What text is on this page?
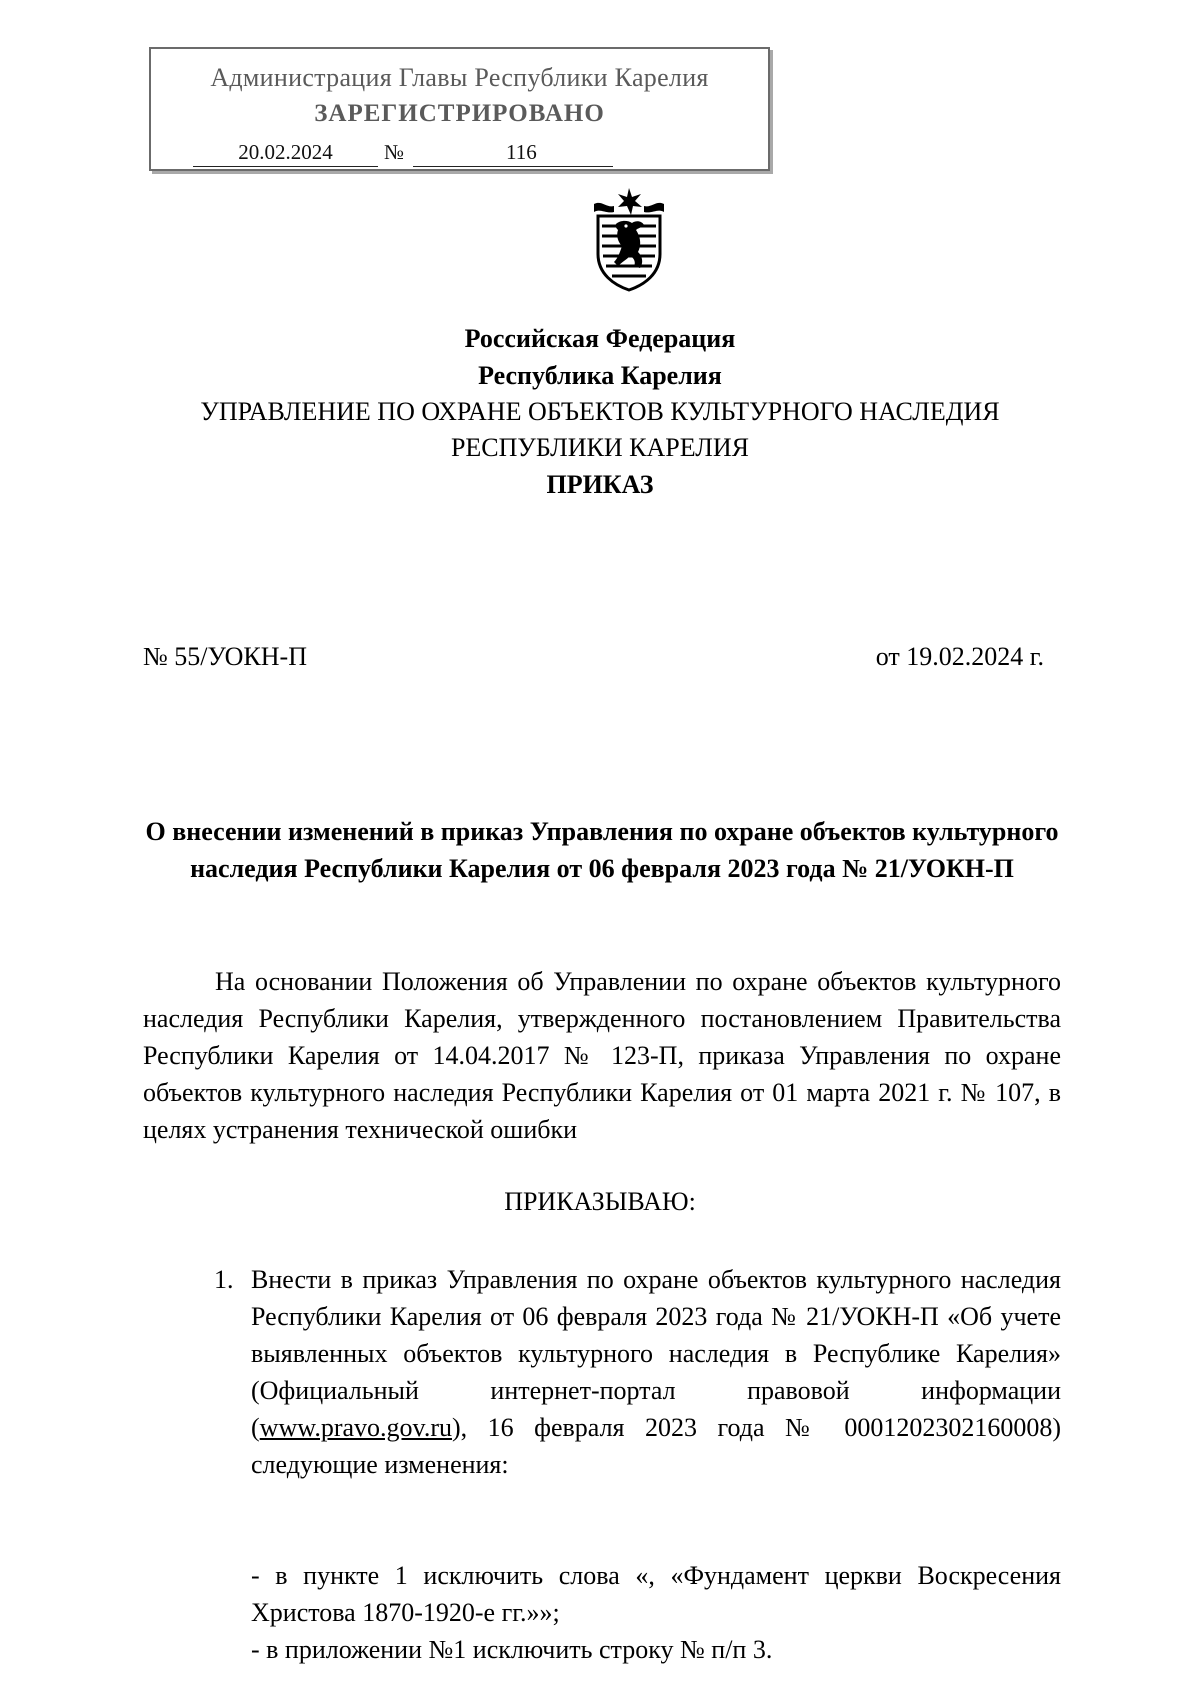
Администрация Главы Республики Карелия
ЗАРЕГИСТРИРОВАНО
20.02.2024	№	116
Российская Федерация
Республика Карелия
УПРАВЛЕНИЕ ПО ОХРАНЕ ОБЪЕКТОВ КУЛЬТУРНОГО НАСЛЕДИЯ
РЕСПУБЛИКИ КАРЕЛИЯ
ПРИКАЗ
№ 55/УОКН-П	от 19.02.2024 г.
О внесении изменений в приказ Управления по охране объектов культурного наследия Республики Карелия от 06 февраля 2023 года № 21/УОКН-П
На основании Положения об Управлении по охране объектов культурного наследия Республики Карелия, утвержденного постановлением Правительства Республики Карелия от 14.04.2017 № 123-П, приказа Управления по охране объектов культурного наследия Республики Карелия от 01 марта 2021 г. № 107, в целях устранения технической ошибки
ПРИКАЗЫВАЮ:
1. Внести в приказ Управления по охране объектов культурного наследия Республики Карелия от 06 февраля 2023 года № 21/УОКН-П «Об учете выявленных объектов культурного наследия в Республике Карелия» (Официальный интернет-портал правовой информации (www.pravo.gov.ru), 16 февраля 2023 года № 0001202302160008) следующие изменения:
- в пункте 1 исключить слова «, «Фундамент церкви Воскресения Христова 1870-1920-е гг.»»;
- в приложении №1 исключить строку № п/п 3.
